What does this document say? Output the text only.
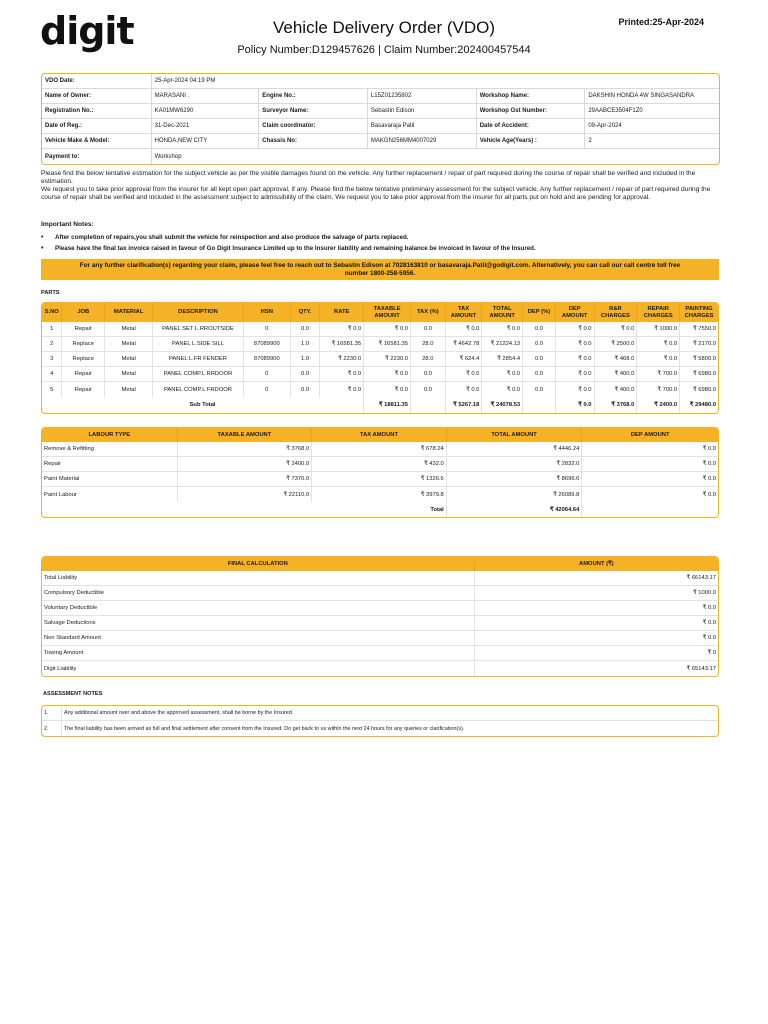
digit	Vehicle Delivery Order (VDO)
Policy Number:D129457626 | Claim Number:202400457544
Printed:25-Apr-2024
VDO Date:	25-Apr-2024 04:19 PM				
Name of Owner:	MARASANI .	Engine No.:	L15Z01235802	Workshop Name:	DAKSHIN HONDA 4W SINGASANDRA
Registration No.:	KA01MW6290	Surveyor Name:	Sebastin Edison	Workshop Gst Number:	29AABCE3504F1Z0
Date of Reg.:	31-Dec-2021	Claim coordinator:	Basavaraja Patil	Date of Accident:	09-Apr-2024
Vehicle Make & Model:	HONDA,NEW CITY	Chassis No:	MAKGN256MM4007029	Vehicle Age(Years) :	2
Payment to:	Workshop				
Please find the below tentative estimation for the subject vehicle as per the visible damages found on the vehicle. Any further replacement / repair of part required during the course of repair shall be verified and included in the estimation.
We request you to take prior approval from the insurer for all kept open part approval, if any. Please find the below tentative preliminary assessment for the subject vehicle. Any further replacement / repair of part required during the course of repair shall be verified and included in the assessment subject to admissibility of the claim. We request you to take prior approval from the insurer for all parts put on hold and are pending for approval.
Important Notes:
•	After completion of repairs,you shall submit the vehicle for reinspection and also produce the salvage of parts replaced.
•	Please have the final tax invoice raised in favour of Go Digit Insurance Limited up to the Insurer liability and remaining balance be invoiced in favour of the Insured.
For any further clarification(s) regarding your claim, please feel free to reach out to Sebastin Edison at 7028163810 or basavaraja.Patil@godigit.com. Alternatively, you can call our call centre toll free
number 1800-258-5956.
PARTS
S.NO	JOB	MATERIAL	DESCRIPTION	HSN	QTY.	RATE	TAXABLE AMOUNT	TAX (%)	TAX AMOUNT	TOTAL AMOUNT	DEP (%)	DEP AMOUNT	R&R CHARGES	REPAIR CHARGES	PAINTING CHARGES
1	Repair	Metal	PANEL SET L.RROUTSIDE	0	0.0	₹ 0.0	₹ 0.0	0.0	₹ 0.0	₹ 0.0	0.0	₹ 0.0	₹ 0.0	₹ 1000.0	₹ 7550.0
2	Replace	Metal	PANEL L.SIDE SILL	87089900	1.0	₹ 16581.35	₹ 16581.35	28.0	₹ 4642.78	₹ 21224.13	0.0	₹ 0.0	₹ 2500.0	₹ 0.0	₹ 2170.0
3	Replace	Metal	PANEL L.FR FENDER	87089900	1.0	₹ 2230.0	₹ 2230.0	28.0	₹ 624.4	₹ 2854.4	0.0	₹ 0.0	₹ 468.0	₹ 0.0	₹ 5800.0
4	Repair	Metal	PANEL COMP.L RRDOOR	0	0.0	₹ 0.0	₹ 0.0	0.0	₹ 0.0	₹ 0.0	0.0	₹ 0.0	₹ 400.0	₹ 700.0	₹ 6980.0
5	Repair	Metal	PANEL COMP.L FRDOOR	0	0.0	₹ 0.0	₹ 0.0	0.0	₹ 0.0	₹ 0.0	0.0	₹ 0.0	₹ 400.0	₹ 700.0	₹ 6980.0
Sub Total							₹ 18811.35		₹ 5267.18	₹ 24078.53		₹ 0.0	₹ 3768.0	₹ 2400.0	₹ 29480.0
LABOUR TYPE	TAXABLE AMOUNT	TAX AMOUNT	TOTAL AMOUNT	DEP AMOUNT
Remove & Refitting	₹ 3768.0	₹ 678.24	₹ 4446.24	₹ 0.0
Repair	₹ 2400.0	₹ 432.0	₹ 2832.0	₹ 0.0
Paint Material	₹ 7370.0	₹ 1326.6	₹ 8696.6	₹ 0.0
Paint Labour	₹ 22110.0	₹ 3979.8	₹ 26089.8	₹ 0.0
Total			₹ 42064.64	
FINAL CALCULATION	AMOUNT (₹)
Total Liability	₹ 66143.17
Compulsory Deductible	₹ 1000.0
Voluntary Deductible	₹ 0.0
Salvage Deductions	₹ 0.0
Non Standard Amount	₹ 0.0
Towing Amount	₹ 0
Digit Liability	₹ 65143.17
ASSESSMENT NOTES
1.	Any additional amount over and above the approved assessment, shall be borne by the Insured.
2.	The final liability has been arrived as full and final settlement after consent from the Insured. Do get back to us within the next 24 hours for any queries or clarification(s).
